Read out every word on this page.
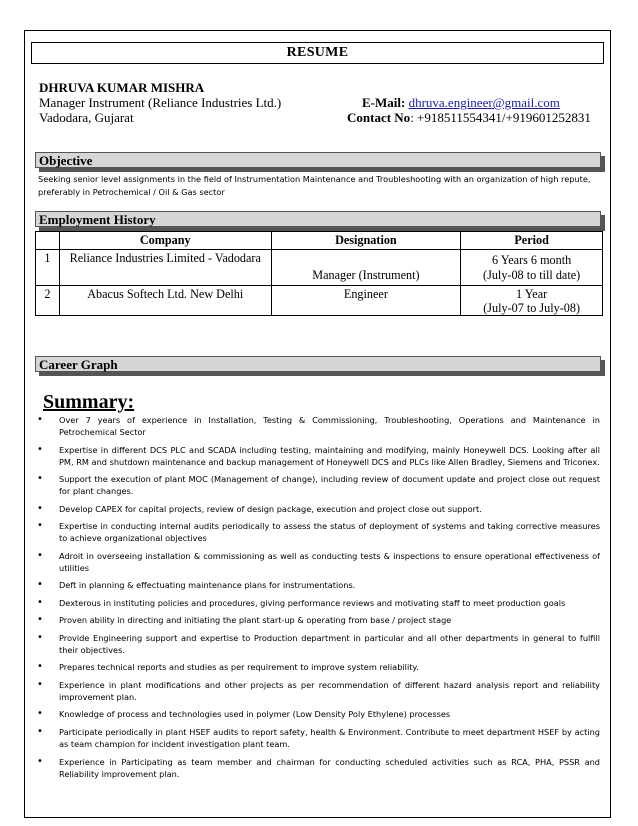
RESUME
DHRUVA KUMAR MISHRA
Manager Instrument (Reliance Industries Ltd.)
Vadodara, Gujarat
E-Mail: dhruva.engineer@gmail.com
Contact No: +918511554341/+919601252831
Objective
Seeking senior level assignments in the field of Instrumentation Maintenance and Troubleshooting with an organization of high repute, preferably in Petrochemical / Oil & Gas sector
Employment History
	Company	Designation	Period
1	Reliance Industries Limited - Vadodara	Manager (Instrument)	6 Years 6 month
(July-08 to till date)

2	Abacus Softech Ltd. New Delhi	Engineer	1 Year
(July-07 to July-08)
Career Graph
Summary:
• Over 7 years of experience in Installation, Testing & Commissioning, Troubleshooting, Operations and Maintenance in Petrochemical Sector
• Expertise in different DCS PLC and SCADA including testing, maintaining and modifying, mainly Honeywell DCS. Looking after all PM, RM and shutdown maintenance and backup management of Honeywell DCS and PLCs like Allen Bradley, Siemens and Triconex.
• Support the execution of plant MOC (Management of change), including review of document update and project close out request for plant changes.
• Develop CAPEX for capital projects, review of design package, execution and project close out support.
• Expertise in conducting internal audits periodically to assess the status of deployment of systems and taking corrective measures to achieve organizational objectives
• Adroit in overseeing installation & commissioning as well as conducting tests & inspections to ensure operational effectiveness of utilities
• Deft in planning & effectuating maintenance plans for instrumentations.
• Dexterous in instituting policies and procedures, giving performance reviews and motivating staff to meet production goals
• Proven ability in directing and initiating the plant start-up & operating from base / project stage
• Provide Engineering support and expertise to Production department in particular and all other departments in general to fulfill their objectives.
• Prepares technical reports and studies as per requirement to improve system reliability.
• Experience in plant modifications and other projects as per recommendation of different hazard analysis report and reliability improvement plan.
• Knowledge of process and technologies used in polymer (Low Density Poly Ethylene) processes
• Participate periodically in plant HSEF audits to report safety, health & Environment. Contribute to meet department HSEF by acting as team champion for incident investigation plant team.
• Experience in Participating as team member and chairman for conducting scheduled activities such as RCA, PHA, PSSR and Reliability improvement plan.
